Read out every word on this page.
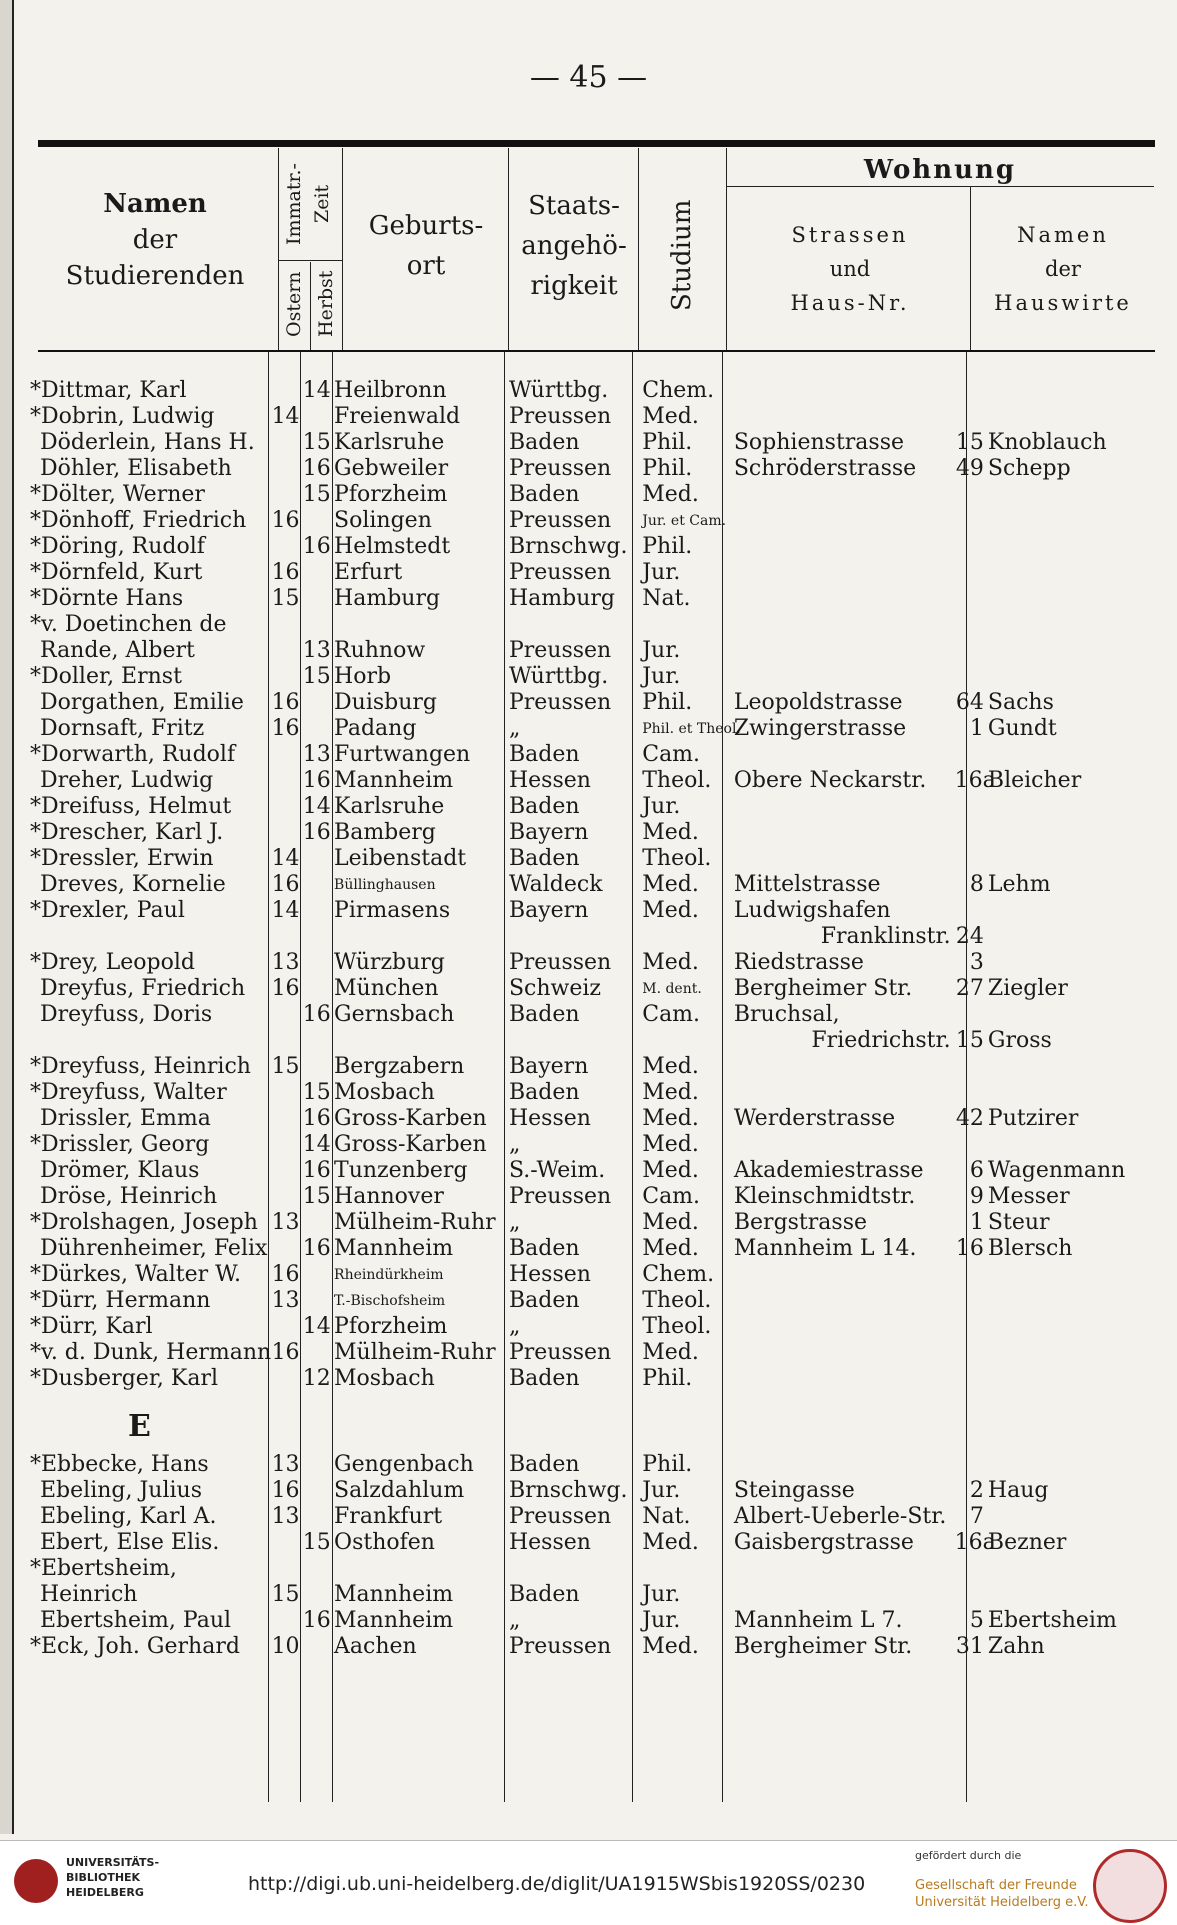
— 45 —
Namen
der
Studierenden
Immatr.-Zeit
Ostern Herbst
Geburts-
ort
Staats-
angehö-
rigkeit	Studium
Wohnung
Strassen
und
Haus-Nr.
Namen
der
Hauswirte
*Dittmar, Karl		14	Heilbronn	Württbg.	Chem.			
*Dobrin, Ludwig	14		Freienwald	Preussen	Med.			
Döderlein, Hans H.		15	Karlsruhe	Baden	Phil.	Sophienstrasse	15	Knoblauch
Döhler, Elisabeth		16	Gebweiler	Preussen	Phil.	Schröderstrasse	49	Schepp
*Dölter, Werner		15	Pforzheim	Baden	Med.			
*Dönhoff, Friedrich	16		Solingen	Preussen	Jur. et Cam.			
*Döring, Rudolf		16	Helmstedt	Brnschwg.	Phil.			
*Dörnfeld, Kurt	16		Erfurt	Preussen	Jur.			
*Dörnte Hans	15		Hamburg	Hamburg	Nat.			
*v. Doetinchen de								
Rande, Albert		13	Ruhnow	Preussen	Jur.			
*Doller, Ernst		15	Horb	Württbg.	Jur.			
Dorgathen, Emilie	16		Duisburg	Preussen	Phil.	Leopoldstrasse	64	Sachs
Dornsaft, Fritz	16		Padang	„	Phil. et Theol.	Zwingerstrasse	1	Gundt
*Dorwarth, Rudolf		13	Furtwangen	Baden	Cam.			
Dreher, Ludwig		16	Mannheim	Hessen	Theol.	Obere Neckarstr.	16a	Bleicher
*Dreifuss, Helmut		14	Karlsruhe	Baden	Jur.			
*Drescher, Karl J.		16	Bamberg	Bayern	Med.			
*Dressler, Erwin	14		Leibenstadt	Baden	Theol.			
Dreves, Kornelie	16		Büllinghausen	Waldeck	Med.	Mittelstrasse	8	Lehm
*Drexler, Paul	14		Pirmasens	Bayern	Med.	Ludwigshafen		
						Franklinstr.	24	
*Drey, Leopold	13		Würzburg	Preussen	Med.	Riedstrasse	3	
Dreyfus, Friedrich	16		München	Schweiz	M. dent.	Bergheimer Str.	27	Ziegler
Dreyfuss, Doris		16	Gernsbach	Baden	Cam.	Bruchsal,		
						Friedrichstr.	15	Gross
*Dreyfuss, Heinrich	15		Bergzabern	Bayern	Med.			
*Dreyfuss, Walter		15	Mosbach	Baden	Med.			
Drissler, Emma		16	Gross-Karben	Hessen	Med.	Werderstrasse	42	Putzirer
*Drissler, Georg		14	Gross-Karben	„	Med.			
Drömer, Klaus		16	Tunzenberg	S.-Weim.	Med.	Akademiestrasse	6	Wagenmann
Dröse, Heinrich		15	Hannover	Preussen	Cam.	Kleinschmidtstr.	9	Messer
*Drolshagen, Joseph	13		Mülheim-Ruhr	„	Med.	Bergstrasse	1	Steur
Dührenheimer, Felix		16	Mannheim	Baden	Med.	Mannheim L 14.	16	Blersch
*Dürkes, Walter W.	16		Rheindürkheim	Hessen	Chem.			
*Dürr, Hermann	13		T.-Bischofsheim	Baden	Theol.			
*Dürr, Karl		14	Pforzheim	„	Theol.			
*v. d. Dunk, Hermann	16		Mülheim-Ruhr	Preussen	Med.			
*Dusberger, Karl		12	Mosbach	Baden	Phil.			
E								
*Ebbecke, Hans	13		Gengenbach	Baden	Phil.			
Ebeling, Julius	16		Salzdahlum	Brnschwg.	Jur.	Steingasse	2	Haug
Ebeling, Karl A.	13		Frankfurt	Preussen	Nat.	Albert-Ueberle-Str.	7	
Ebert, Else Elis.		15	Osthofen	Hessen	Med.	Gaisbergstrasse	16a	Bezner
*Ebertsheim,								
Heinrich	15		Mannheim	Baden	Jur.			
Ebertsheim, Paul		16	Mannheim	„	Jur.	Mannheim L 7.	5	Ebertsheim
*Eck, Joh. Gerhard	10		Aachen	Preussen	Med.	Bergheimer Str.	31	Zahn
UNIVERSITÄTS-
BIBLIOTHEK
HEIDELBERG	http://digi.ub.uni-heidelberg.de/diglit/UA1915WSbis1920SS/0230
gefördert durch die
Gesellschaft der Freunde
Universität Heidelberg e.V.
